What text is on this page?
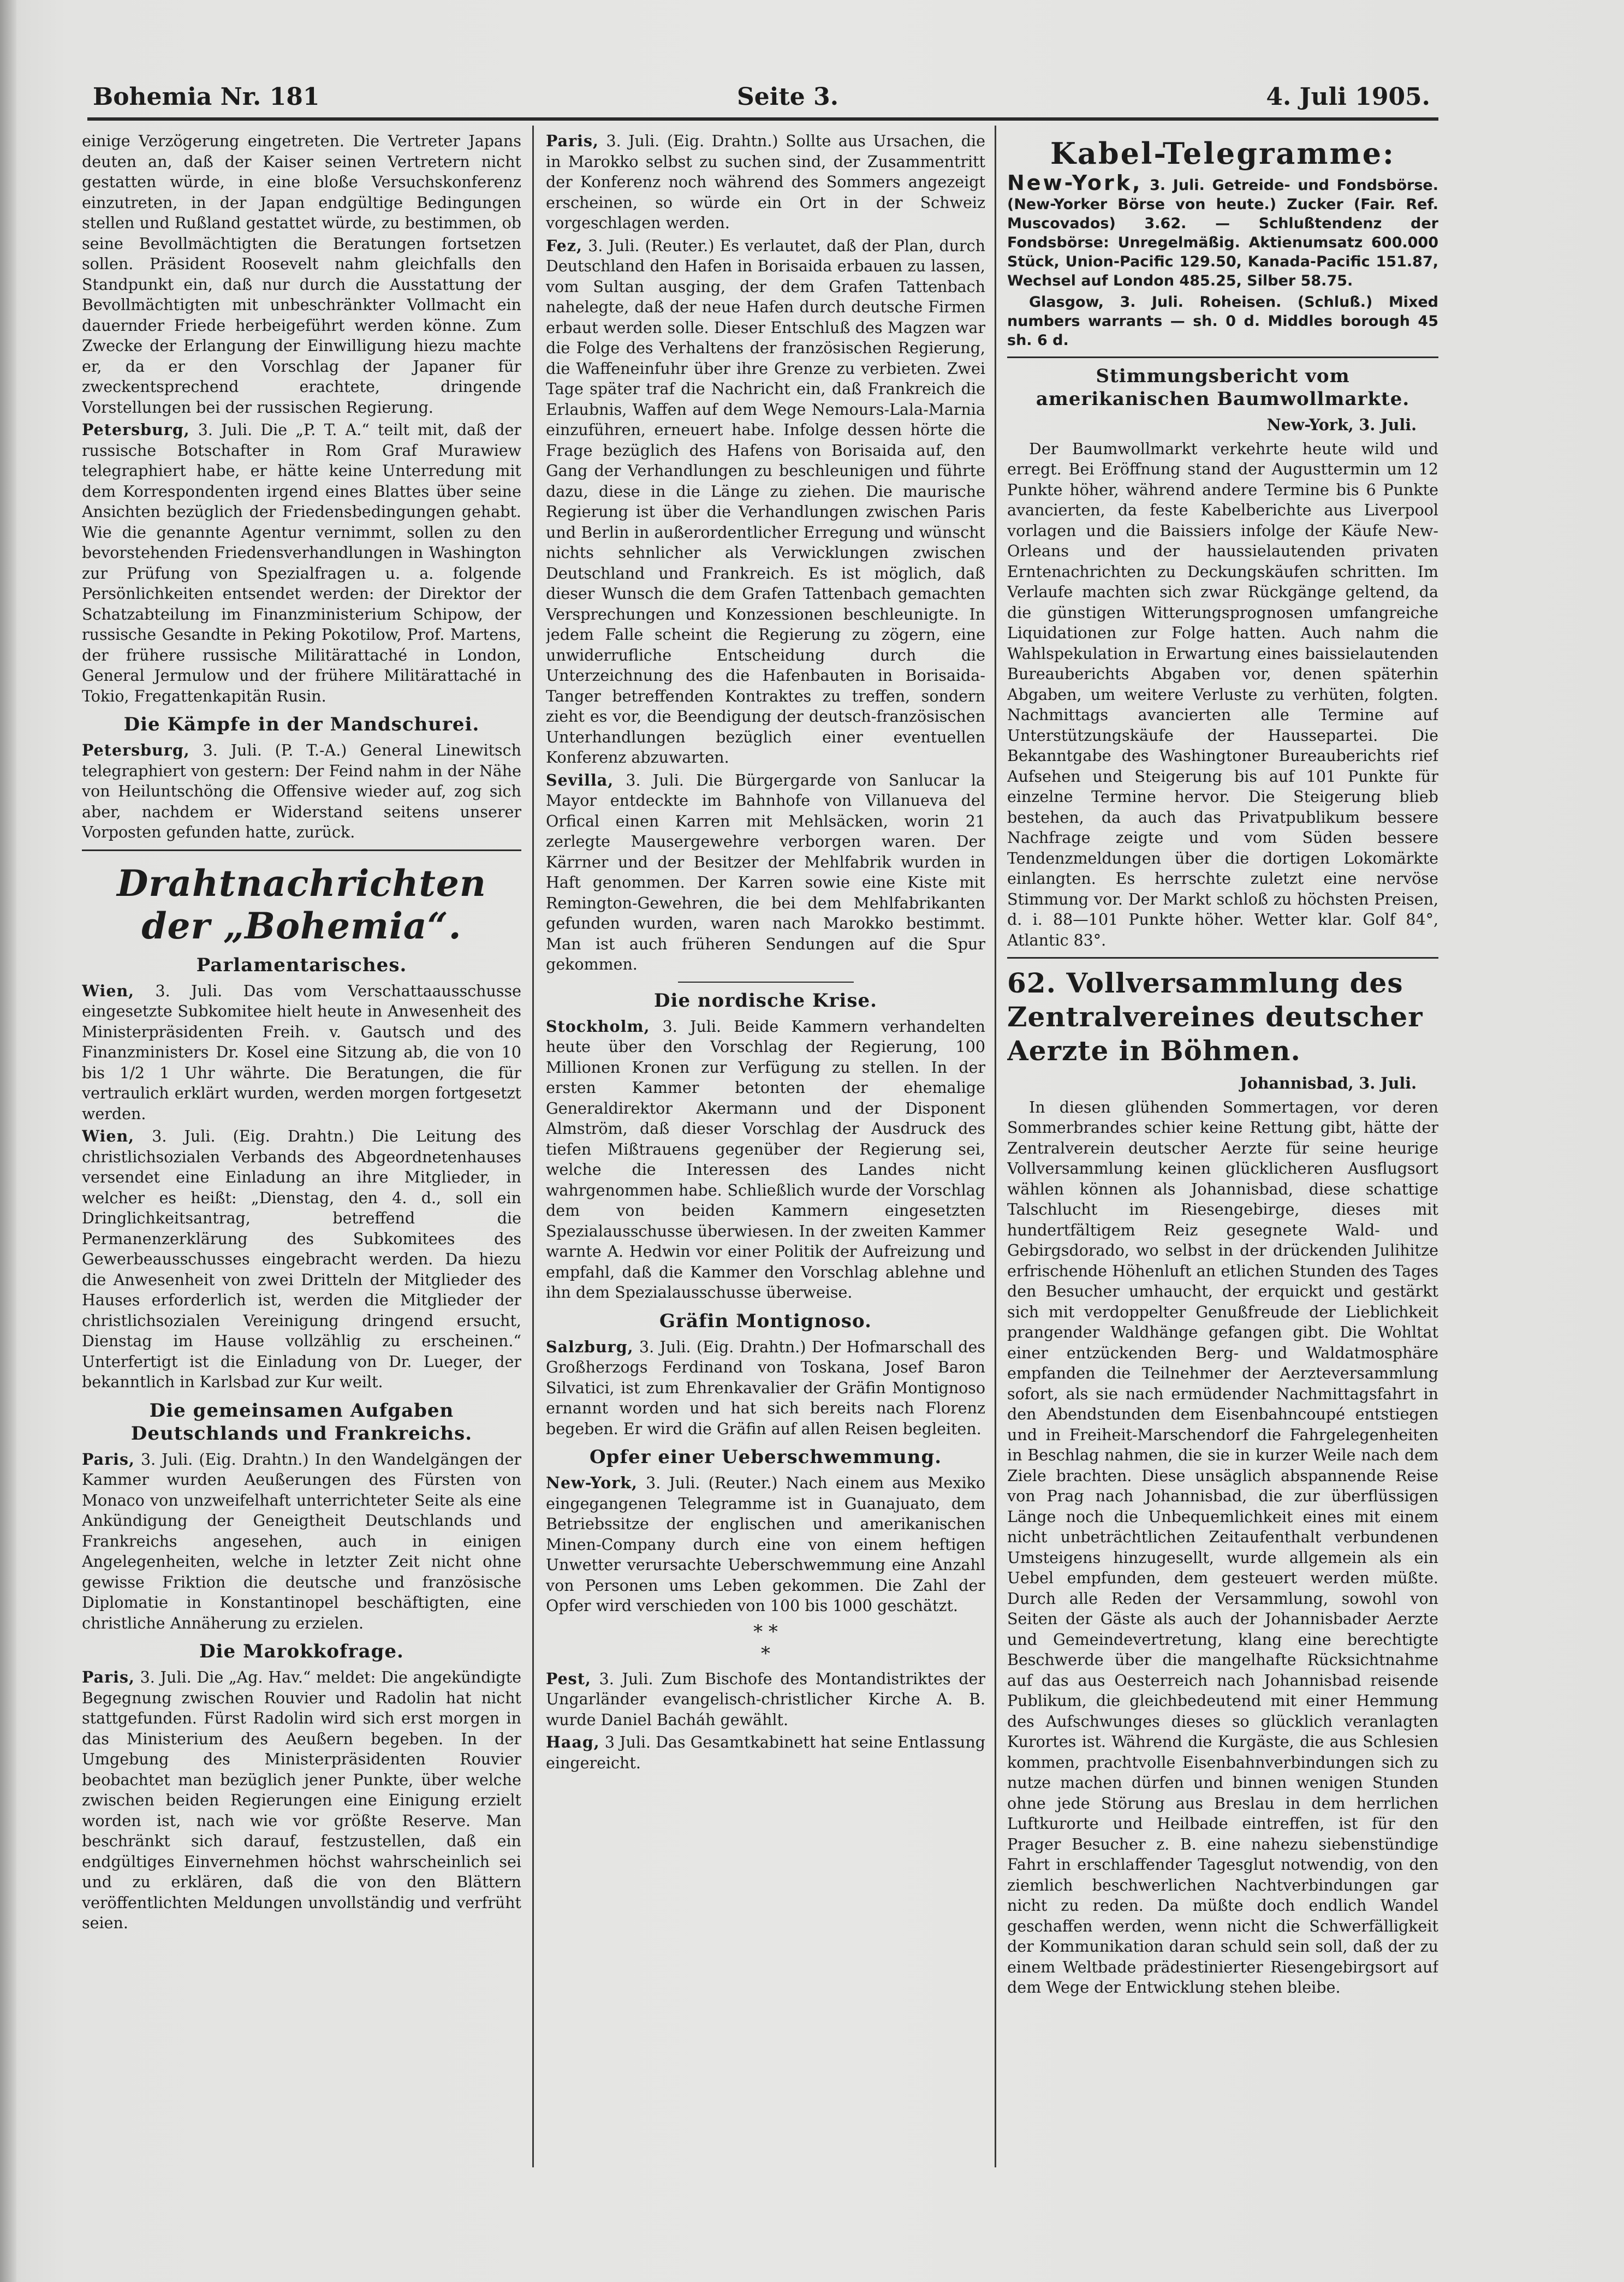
Bohemia Nr. 181	Seite 3.	4. Juli 1905.

einige Verzögerung eingetreten. Die Vertreter Japans deuten an, daß der Kaiser seinen Vertretern nicht gestatten würde, in eine bloße Versuchskonferenz einzutreten, in der Japan endgültige Bedingungen stellen und Rußland gestattet würde, zu bestimmen, ob seine Bevollmächtigten die Beratungen fortsetzen sollen. Präsident Roosevelt nahm gleichfalls den Standpunkt ein, daß nur durch die Ausstattung der Bevollmächtigten mit unbeschränkter Vollmacht ein dauernder Friede herbeigeführt werden könne. Zum Zwecke der Erlangung der Einwilligung hiezu machte er, da er den Vorschlag der Japaner für zweckentsprechend erachtete, dringende Vorstellungen bei der russischen Regierung.

Petersburg, 3. Juli. Die „P. T. A.“ teilt mit, daß der russische Botschafter in Rom Graf Murawiew telegraphiert habe, er hätte keine Unterredung mit dem Korrespondenten irgend eines Blattes über seine Ansichten bezüglich der Friedensbedingungen gehabt. Wie die genannte Agentur vernimmt, sollen zu den bevorstehenden Friedensverhandlungen in Washington zur Prüfung von Spezialfragen u. a. folgende Persönlichkeiten entsendet werden: der Direktor der Schatzabteilung im Finanzministerium Schipow, der russische Gesandte in Peking Pokotilow, Prof. Martens, der frühere russische Militärattaché in London, General Jermulow und der frühere Militärattaché in Tokio, Fregattenkapitän Rusin.

Die Kämpfe in der Mandschurei.

Petersburg, 3. Juli. (P. T.-A.) General Linewitsch telegraphiert von gestern: Der Feind nahm in der Nähe von Heiluntschöng die Offensive wieder auf, zog sich aber, nachdem er Widerstand seitens unserer Vorposten gefunden hatte, zurück.

Drahtnachrichten der „Bohemia“.
Parlamentarisches.

Wien, 3. Juli. Das vom Verschattaausschusse eingesetzte Subkomitee hielt heute in Anwesenheit des Ministerpräsidenten Freih. v. Gautsch und des Finanzministers Dr. Kosel eine Sitzung ab, die von 10 bis 1/2 1 Uhr währte. Die Beratungen, die für vertraulich erklärt wurden, werden morgen fortgesetzt werden.

Wien, 3. Juli. (Eig. Drahtn.) Die Leitung des christlichsozialen Verbands des Abgeordnetenhauses versendet eine Einladung an ihre Mitglieder, in welcher es heißt: „Dienstag, den 4. d., soll ein Dringlichkeitsantrag, betreffend die Permanenzerklärung des Subkomitees des Gewerbeausschusses eingebracht werden. Da hiezu die Anwesenheit von zwei Dritteln der Mitglieder des Hauses erforderlich ist, werden die Mitglieder der christlichsozialen Vereinigung dringend ersucht, Dienstag im Hause vollzählig zu erscheinen.“ Unterfertigt ist die Einladung von Dr. Lueger, der bekanntlich in Karlsbad zur Kur weilt.

Die gemeinsamen Aufgaben Deutschlands und Frankreichs.

Paris, 3. Juli. (Eig. Drahtn.) In den Wandelgängen der Kammer wurden Aeußerungen des Fürsten von Monaco von unzweifelhaft unterrichteter Seite als eine Ankündigung der Geneigtheit Deutschlands und Frankreichs angesehen, auch in einigen Angelegenheiten, welche in letzter Zeit nicht ohne gewisse Friktion die deutsche und französische Diplomatie in Konstantinopel beschäftigten, eine christliche Annäherung zu erzielen.

Die Marokkofrage.

Paris, 3. Juli. Die „Ag. Hav.“ meldet: Die angekündigte Begegnung zwischen Rouvier und Radolin hat nicht stattgefunden. Fürst Radolin wird sich erst morgen in das Ministerium des Aeußern begeben. In der Umgebung des Ministerpräsidenten Rouvier beobachtet man bezüglich jener Punkte, über welche zwischen beiden Regierungen eine Einigung erzielt worden ist, nach wie vor größte Reserve. Man beschränkt sich darauf, festzustellen, daß ein endgültiges Einvernehmen höchst wahrscheinlich sei und zu erklären, daß die von den Blättern veröffentlichten Meldungen unvollständig und verfrüht seien.

Paris, 3. Juli. (Eig. Drahtn.) Sollte aus Ursachen, die in Marokko selbst zu suchen sind, der Zusammentritt der Konferenz noch während des Sommers angezeigt erscheinen, so würde ein Ort in der Schweiz vorgeschlagen werden.

Fez, 3. Juli. (Reuter.) Es verlautet, daß der Plan, durch Deutschland den Hafen in Borisaida erbauen zu lassen, vom Sultan ausging, der dem Grafen Tattenbach nahelegte, daß der neue Hafen durch deutsche Firmen erbaut werden solle. Dieser Entschluß des Magzen war die Folge des Verhaltens der französischen Regierung, die Waffeneinfuhr über ihre Grenze zu verbieten. Zwei Tage später traf die Nachricht ein, daß Frankreich die Erlaubnis, Waffen auf dem Wege Nemours-Lala-Marnia einzuführen, erneuert habe. Infolge dessen hörte die Frage bezüglich des Hafens von Borisaida auf, den Gang der Verhandlungen zu beschleunigen und führte dazu, diese in die Länge zu ziehen. Die maurische Regierung ist über die Verhandlungen zwischen Paris und Berlin in außerordentlicher Erregung und wünscht nichts sehnlicher als Verwicklungen zwischen Deutschland und Frankreich. Es ist möglich, daß dieser Wunsch die dem Grafen Tattenbach gemachten Versprechungen und Konzessionen beschleunigte. In jedem Falle scheint die Regierung zu zögern, eine unwiderrufliche Entscheidung durch die Unterzeichnung des die Hafenbauten in Borisaida-Tanger betreffenden Kontraktes zu treffen, sondern zieht es vor, die Beendigung der deutsch-französischen Unterhandlungen bezüglich einer eventuellen Konferenz abzuwarten.

Sevilla, 3. Juli. Die Bürgergarde von Sanlucar la Mayor entdeckte im Bahnhofe von Villanueva del Orfical einen Karren mit Mehlsäcken, worin 21 zerlegte Mausergewehre verborgen waren. Der Kärrner und der Besitzer der Mehlfabrik wurden in Haft genommen. Der Karren sowie eine Kiste mit Remington-Gewehren, die bei dem Mehlfabrikanten gefunden wurden, waren nach Marokko bestimmt. Man ist auch früheren Sendungen auf die Spur gekommen.

Die nordische Krise.

Stockholm, 3. Juli. Beide Kammern verhandelten heute über den Vorschlag der Regierung, 100 Millionen Kronen zur Verfügung zu stellen. In der ersten Kammer betonten der ehemalige Generaldirektor Akermann und der Disponent Almström, daß dieser Vorschlag der Ausdruck des tiefen Mißtrauens gegenüber der Regierung sei, welche die Interessen des Landes nicht wahrgenommen habe. Schließlich wurde der Vorschlag dem von beiden Kammern eingesetzten Spezialausschusse überwiesen. In der zweiten Kammer warnte A. Hedwin vor einer Politik der Aufreizung und empfahl, daß die Kammer den Vorschlag ablehne und ihn dem Spezialausschusse überweise.

Gräfin Montignoso.

Salzburg, 3. Juli. (Eig. Drahtn.) Der Hofmarschall des Großherzogs Ferdinand von Toskana, Josef Baron Silvatici, ist zum Ehrenkavalier der Gräfin Montignoso ernannt worden und hat sich bereits nach Florenz begeben. Er wird die Gräfin auf allen Reisen begleiten.

Opfer einer Ueberschwemmung.

New-York, 3. Juli. (Reuter.) Nach einem aus Mexiko eingegangenen Telegramme ist in Guanajuato, dem Betriebssitze der englischen und amerikanischen Minen-Company durch eine von einem heftigen Unwetter verursachte Ueberschwemmung eine Anzahl von Personen ums Leben gekommen. Die Zahl der Opfer wird verschieden von 100 bis 1000 geschätzt.

* *
*

Pest, 3. Juli. Zum Bischofe des Montandistriktes der Ungarländer evangelisch-christlicher Kirche A. B. wurde Daniel Bacháh gewählt.

Haag, 3 Juli. Das Gesamtkabinett hat seine Entlassung eingereicht.

Kabel-Telegramme:

New-York, 3. Juli. Getreide- und Fondsbörse. (New-Yorker Börse von heute.) Zucker (Fair. Ref. Muscovados) 3.62. — Schlußtendenz der Fondsbörse: Unregelmäßig. Aktienumsatz 600.000 Stück, Union-Pacific 129.50, Kanada-Pacific 151.87, Wechsel auf London 485.25, Silber 58.75.

Glasgow, 3. Juli. Roheisen. (Schluß.) Mixed numbers warrants — sh. 0 d. Middles borough 45 sh. 6 d.

Stimmungsbericht vom amerikanischen Baumwollmarkte.

New-York, 3. Juli.

Der Baumwollmarkt verkehrte heute wild und erregt. Bei Eröffnung stand der Augusttermin um 12 Punkte höher, während andere Termine bis 6 Punkte avancierten, da feste Kabelberichte aus Liverpool vorlagen und die Baissiers infolge der Käufe New-Orleans und der haussielautenden privaten Erntenachrichten zu Deckungskäufen schritten. Im Verlaufe machten sich zwar Rückgänge geltend, da die günstigen Witterungsprognosen umfangreiche Liquidationen zur Folge hatten. Auch nahm die Wahlspekulation in Erwartung eines baissielautenden Bureauberichts Abgaben vor, denen späterhin Abgaben, um weitere Verluste zu verhüten, folgten. Nachmittags avancierten alle Termine auf Unterstützungskäufe der Haussepartei. Die Bekanntgabe des Washingtoner Bureauberichts rief Aufsehen und Steigerung bis auf 101 Punkte für einzelne Termine hervor. Die Steigerung blieb bestehen, da auch das Privatpublikum bessere Nachfrage zeigte und vom Süden bessere Tendenzmeldungen über die dortigen Lokomärkte einlangten. Es herrschte zuletzt eine nervöse Stimmung vor. Der Markt schloß zu höchsten Preisen, d. i. 88—101 Punkte höher. Wetter klar. Golf 84°, Atlantic 83°.

62. Vollversammlung des Zentralvereines deutscher Aerzte in Böhmen.

Johannisbad, 3. Juli.

In diesen glühenden Sommertagen, vor deren Sommerbrandes schier keine Rettung gibt, hätte der Zentralverein deutscher Aerzte für seine heurige Vollversammlung keinen glücklicheren Ausflugsort wählen können als Johannisbad, diese schattige Talschlucht im Riesengebirge, dieses mit hundertfältigem Reiz gesegnete Wald- und Gebirgsdorado, wo selbst in der drückenden Julihitze erfrischende Höhenluft an etlichen Stunden des Tages den Besucher umhaucht, der erquickt und gestärkt sich mit verdoppelter Genußfreude der Lieblichkeit prangender Waldhänge gefangen gibt. Die Wohltat einer entzückenden Berg- und Waldatmosphäre empfanden die Teilnehmer der Aerzteversammlung sofort, als sie nach ermüdender Nachmittagsfahrt in den Abendstunden dem Eisenbahncoupé entstiegen und in Freiheit-Marschendorf die Fahrgelegenheiten in Beschlag nahmen, die sie in kurzer Weile nach dem Ziele brachten. Diese unsäglich abspannende Reise von Prag nach Johannisbad, die zur überflüssigen Länge noch die Unbequemlichkeit eines mit einem nicht unbeträchtlichen Zeitaufenthalt verbundenen Umsteigens hinzugesellt, wurde allgemein als ein Uebel empfunden, dem gesteuert werden müßte. Durch alle Reden der Versammlung, sowohl von Seiten der Gäste als auch der Johannisbader Aerzte und Gemeindevertretung, klang eine berechtigte Beschwerde über die mangelhafte Rücksichtnahme auf das aus Oesterreich nach Johannisbad reisende Publikum, die gleichbedeutend mit einer Hemmung des Aufschwunges dieses so glücklich veranlagten Kurortes ist. Während die Kurgäste, die aus Schlesien kommen, prachtvolle Eisenbahnverbindungen sich zu nutze machen dürfen und binnen wenigen Stunden ohne jede Störung aus Breslau in dem herrlichen Luftkurorte und Heilbade eintreffen, ist für den Prager Besucher z. B. eine nahezu siebenstündige Fahrt in erschlaffender Tagesglut notwendig, von den ziemlich beschwerlichen Nachtverbindungen gar nicht zu reden. Da müßte doch endlich Wandel geschaffen werden, wenn nicht die Schwerfälligkeit der Kommunikation daran schuld sein soll, daß der zu einem Weltbade prädestinierter Riesengebirgsort auf dem Wege der Entwicklung stehen bleibe.
